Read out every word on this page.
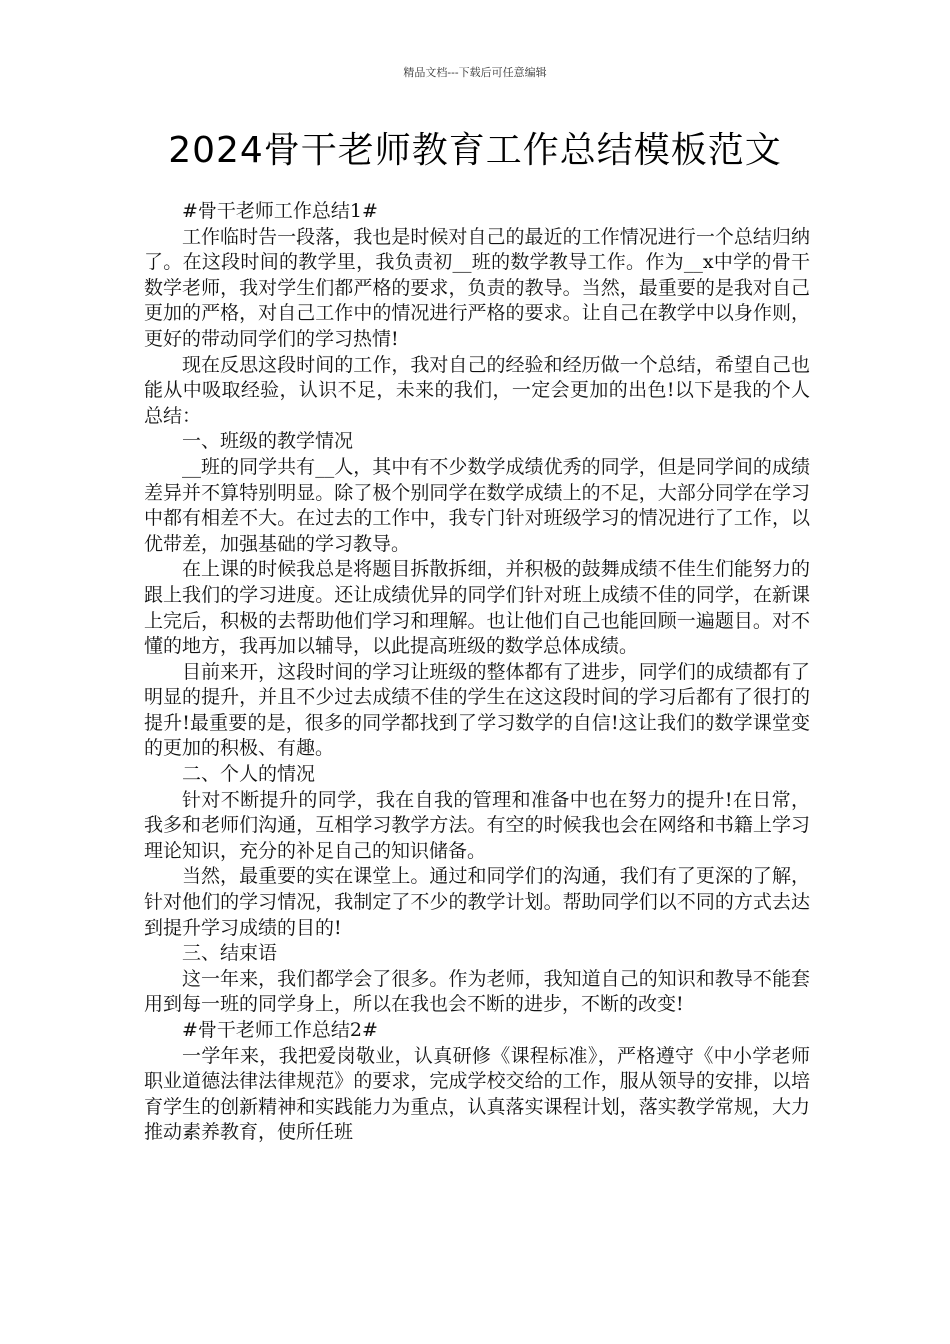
精品文档---下载后可任意编辑
2024骨干老师教育工作总结模板范文

#骨干老师工作总结1#

工作临时告一段落，我也是时候对自己的最近的工作情况进行一个总结归纳了。在这段时间的教学里，我负责初__班的数学教导工作。作为__x中学的骨干数学老师，我对学生们都严格的要求，负责的教导。当然，最重要的是我对自己更加的严格，对自己工作中的情况进行严格的要求。让自己在教学中以身作则，更好的带动同学们的学习热情!

现在反思这段时间的工作，我对自己的经验和经历做一个总结，希望自己也能从中吸取经验，认识不足，未来的我们，一定会更加的出色!以下是我的个人总结：

一、班级的教学情况

__班的同学共有__人，其中有不少数学成绩优秀的同学，但是同学间的成绩差异并不算特别明显。除了极个别同学在数学成绩上的不足，大部分同学在学习中都有相差不大。在过去的工作中，我专门针对班级学习的情况进行了工作，以优带差，加强基础的学习教导。

在上课的时候我总是将题目拆散拆细，并积极的鼓舞成绩不佳生们能努力的跟上我们的学习进度。还让成绩优异的同学们针对班上成绩不佳的同学，在新课上完后，积极的去帮助他们学习和理解。也让他们自己也能回顾一遍题目。对不懂的地方，我再加以辅导，以此提高班级的数学总体成绩。

目前来开，这段时间的学习让班级的整体都有了进步，同学们的成绩都有了明显的提升，并且不少过去成绩不佳的学生在这这段时间的学习后都有了很打的提升!最重要的是，很多的同学都找到了学习数学的自信!这让我们的数学课堂变的更加的积极、有趣。

二、个人的情况

针对不断提升的同学，我在自我的管理和准备中也在努力的提升!在日常，我多和老师们沟通，互相学习教学方法。有空的时候我也会在网络和书籍上学习理论知识，充分的补足自己的知识储备。

当然，最重要的实在课堂上。通过和同学们的沟通，我们有了更深的了解，针对他们的学习情况，我制定了不少的教学计划。帮助同学们以不同的方式去达到提升学习成绩的目的!

三、结束语

这一年来，我们都学会了很多。作为老师，我知道自己的知识和教导不能套用到每一班的同学身上，所以在我也会不断的进步，不断的改变!

#骨干老师工作总结2#

一学年来，我把爱岗敬业，认真研修《课程标准》，严格遵守《中小学老师职业道德法律法律规范》的要求，完成学校交给的工作，服从领导的安排，以培育学生的创新精神和实践能力为重点，认真落实课程计划，落实教学常规，大力推动素养教育，使所任班
